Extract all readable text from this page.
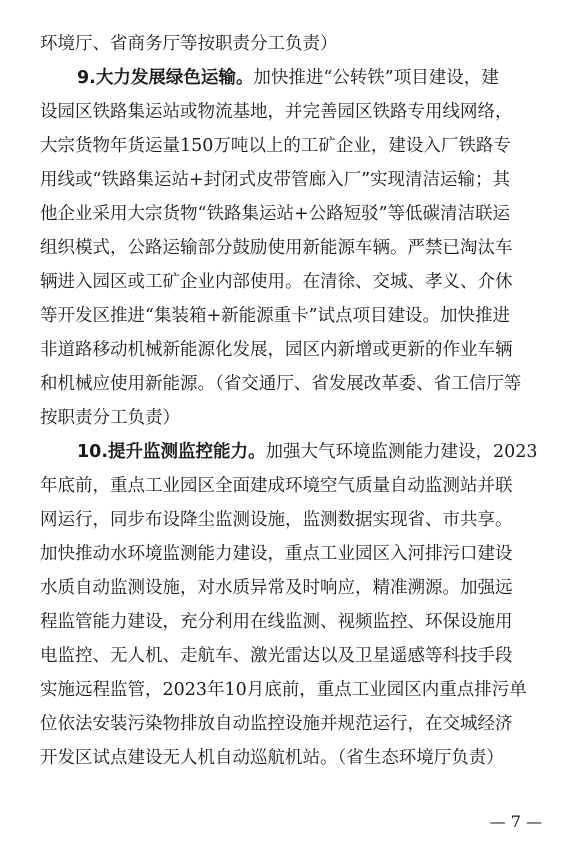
环境厅、省商务厅等按职责分工负责）
9.大力发展绿色运输。加快推进“公转铁”项目建设，建
设园区铁路集运站或物流基地，并完善园区铁路专用线网络，
大宗货物年货运量150万吨以上的工矿企业，建设入厂铁路专
用线或“铁路集运站+封闭式皮带管廊入厂”实现清洁运输；其
他企业采用大宗货物“铁路集运站+公路短驳”等低碳清洁联运
组织模式，公路运输部分鼓励使用新能源车辆。严禁已淘汰车
辆进入园区或工矿企业内部使用。在清徐、交城、孝义、介休
等开发区推进“集装箱+新能源重卡”试点项目建设。加快推进
非道路移动机械新能源化发展，园区内新增或更新的作业车辆
和机械应使用新能源。（省交通厅、省发展改革委、省工信厅等
按职责分工负责）
10.提升监测监控能力。加强大气环境监测能力建设，2023
年底前，重点工业园区全面建成环境空气质量自动监测站并联
网运行，同步布设降尘监测设施，监测数据实现省、市共享。
加快推动水环境监测能力建设，重点工业园区入河排污口建设
水质自动监测设施，对水质异常及时响应，精准溯源。加强远
程监管能力建设，充分利用在线监测、视频监控、环保设施用
电监控、无人机、走航车、激光雷达以及卫星遥感等科技手段
实施远程监管，2023年10月底前，重点工业园区内重点排污单
位依法安装污染物排放自动监控设施并规范运行，在交城经济
开发区试点建设无人机自动巡航机站。（省生态环境厅负责）
— 7 —
